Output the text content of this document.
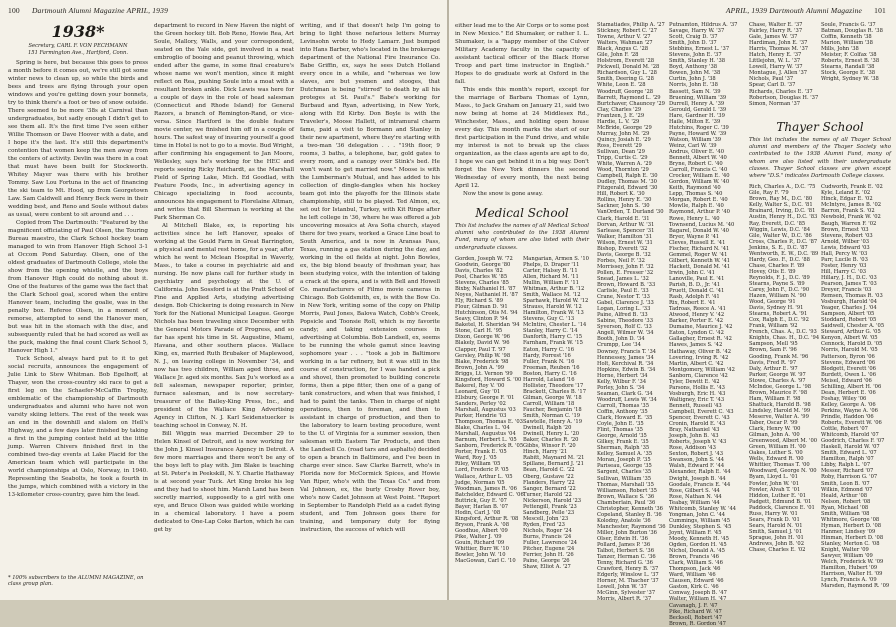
100 Dartmouth Alumni Magazine APRIL, 1939
1938*
Secretary, CARL F. VON PECHMANN
151 Farmington Ave., Hartford, Conn.

Spring is here, but because this goes to press a month before it comes out, we're still got some winter news to clean up, so while the birds and bees and trees are flying through your open windows and you're getting down your bonnets, try to think there's a foot or two of snow outside. There seemed to be more '38s at Carnival than undergraduates, but sadly enough I didn't get to see them all. It's the first time I've seen either Willie Thomson or Dave Hoover with a date, and I hope it's the last. It's still this department's contention that women keep the men away from the centers of activity. Devlin was there in a coat that must have been built for Stockworth. Whitey Mayer was there with his brother Tommy. Saw Lou Fortuna in the act of financing the ski team to Mt. Hood, up from Georgetown Law. Sam Caldwell and Henry Beck were in their wedding best, and Reno and Soule without dates as usual, were content to sit around and . . .

Copied from The Dartmouth: "Featured by the magnificent officiating of Paul Olsen, the Touring Bureau maestro, the Clark School hockey team managed to win from Hanover High School 3-1 at Occom Pond Saturday. Olsen, one of the oldest graduates of Dartmouth College, stole the show from the opening whistle, and the boys from Hanover High could do nothing about it. One of the features of the game was the fact that the Clark School goal, scored when the entire Hanover team, including the goalie, was in the penalty box. Referee Olsen, in a moment of remorse, attempted to send the Hanover men, but was hit in the stomach with the disc, and subsequently ruled that he had scored as well as the puck, making the final count Clark School 5, Hanover High 1."

Tuck School, always hard put to it to get social recruits, announces the engagement of Julie Link to Stew Whitman. Bob Egelhoff, at Thayer, won the cross-country ski race to get a first leg on the Schaefer-McCaffin Trophy, emblematic of the championship of Dartmouth undergraduates and alumni who have not won varsity skiing letters. The rest of the week was an end in the downhill and slalom on Hell's Highway, and a few days later finished by taking a first in the jumping contest held at the little jump. Warren Chivers finished first in the combined two-day events at Lake Placid for the American team which will participate in the world championships at Oslo, Norway, in 1940. Representing the Seabolts, he took a fourth in the jumps, which combined with a victory in the 13-kilometer cross-country, gave him the lead.

department to record in New Haven the night of the Green hockey tilt. Bob Reno, Howie Rea, Art Soule, Mallory, Walls, and your correspondent, seated on the Yale side, got involved in a neat embroglio of booing and peanut throwing, which ended after the game, in some final creature's whose name we won't mention, since it might reflect on Rea, pushing Soule into a moat with a resultant broken ankle. Dick Lewis was here for a couple of days in the role of head salesman (Connecticut and Rhode Island) for General Razors, a branch of Remington-Rand, or vice-versa. Since Hartford is the double feature movie center, we finished him off in a couple of hours. The safest way of insuring yourself a good time in Hotel is not to go to a movie. Bud Wright, after confirming his engagement to Jan Moore, Wellesley, says he's working for the HEC and reports seeing Ricky Reichardt, as the Marshall Field of Spring Lake, Mich. Ed Goodlad, with Feature Foods, Inc., in advertising agency in Chicago specializing in food accounts, announces his engagement to Florelaine Altman, and writes that Bill Sherman is working at the Park Sherman Co.

Al Mitchell Blake, ex, is reporting his activities since he left Hanover, speaks of working at the Gould Farm in Great Barrington, a physical and mental rest home, for a year, after which he went to Mclean Hospital in Waverly, Mass., to take a course in psychiatric aid and nursing. He now plans call for further study in psychiatry and psychology at the U. of California. John Sossford is at the Pratt School of Fine and Applied Arts, studying advertising design. Bob Chickering is doing research in New York for the National Municipal League. George Nichols has been traveling since December with the General Motors Parade of Progress, and so far has spent his time in St. Augustine, Miami, Havana, and other southern places. Wallace King, ex, married Ruth Brubaker of Maplewood, N. J., on leaving college in November '34, and now has two children, William aged three, and Wallace Jr. aged six months. Sax Ju's worked as a fell salesman, newspaper reporter, printer, furnace salesman, and is now secretary-treasurer of the Bailey-King Press, Inc., and president of the Wallace King Advertising Agency in Clifton, N. J. Karl Seidenstuecker is teaching school in Conway, N. H.

Bill Wiggin was married December 29 to Helen Kinsel of Detroit, and is now working for the John J. Kinsel Insurance Agency in Detroit. A few more marriages and there won't be any of the boys left to play with. Jim Blake is teaching at St. Peter's in Peekskill, N. Y. Charlie Hathaway is at second year Tuck. Art King broke his leg and they had to shoot him. Marsh Land has been secretly married, supposedly to a girl with one eye, and Bruce Olson was guided while working in a chemical laboratory. I have a poem dedicated to One-Lap Coke Barton, which he can get by

writing, and if that doesn't help I'm going to bring to light those nefarious letters Murray Levinsohn wrote to Hedy Lamarr. Just bumped into Hans Barber, who's located in the brokerage department of the National Fire Insurance Co. Babe Griffin, ex, says he sees Dutch Holland every once in a while, and "whereas we low slaves, are but yesmen and stooges, that Dutchman is being "stirred" to death by all his proteges at St. Paul's." Babe's working for Burbaud and Ryan, advertising, in New York, along with Ed Kirby. Don Boyle is with the Traveler's, Moose Hallett, of intramural charm fame, paid a visit to Bormann and Stanley in their new apartment, where they're starting with a two-man '36 delegation . . . "19th floor, 9 rooms, 3 baths, a telephone, bar, gold gates to every room, and a canopy over Stink's bed. He won't want to get married now." Moose is with the Lumberman's Mutual, and has added to his collection of dingle-dangles when his hockey team got into the playoffs for the Illinois state championship, still to be played. Ted Almon, ex, set out for Istanbul, Turkey, with Kit Ringe after he left college in '36, where he was offered a job uncovering mosaics at Ava Sofia church, stayed there for two years, worked a Grace Line boat to South America, and is now in Aransas Pass, Texas, running a gas station during the day, and working in the oil fields at night. John Bowles, ex, the big blond beauty of freshman year, has been studying voice, with the intention of taking a crack at the opera, and is with Bell and Howell Co. manufacturers of Filmo movie cameras in Chicago. Bob Goldsmith, ex, is with the Bow Co. in New York, writing some of the copy on Philip Morris, Paul Jones, Balova Watch, Cobb's Creek, Popsicle and Toonsie Roll, which is my favorite candy; and taking extension courses in advertising at Columbia. Bob Landsell, ex, seems to be running the whole gamut since leaving sophomore year . . . "took a job in Baltimore working in a tar refinery, but it was still in the course of construction, for I was handed a pick and shovel, then promoted to building concrete forms, then a pipe fitter, then one of a gang of tank constructors, and when that was finished, I had to paint the tanks. Then in charge of night operations, then to foreman, and then to assistant in charge of production, and then to the laboratory to learn testing procedure, went to the U. of Virginia for a summer session, then salesman with Eastern Tar Products, and then the Landsell Co. (road tars and asphalts) decided to open a branch in Baltimore, and I've been in charge ever since. Saw Clarke Barrett, who's in Florida now for McCormick Spices, and Howie Van Riper, who's with the Texas Co." and from Val Johnson, ex, the burly Crosby Rover boy, who's now Cadet Johnson at West Point. "Report in September to Randolph Field as a cadet flying student, and Tom Johnson goes there for training, and temporary duty for flying instruction, the success of which will

* 100% subscribers to the ALUMNI MAGAZINE, on class group plan.
APRIL, 1939 Dartmouth Alumni Magazine 101

either lead me to the Air Corps or to some post in New Mexico." Ed Shumaker, or rather I. L. Shumaker, is a "happy member of the Culver Military Academy faculty in the capacity of assistant tactical officer of the Black Horse Troop and part time instructor in English." Hopes to do graduate work at Oxford in the fall.

This ends this month's report, except for the marriage of Barbara Thomas of Lynn, Mass., to Jack Graham on January 21, said two now being at home at 24 Middlesex Rd., Winchester, Mass., and holding open house every day. This month marks the start of our first participation in the Fund drive, and while my interest is not to break up the class organization, as the class agents are apt to do, I hope we can get behind it in a big way. Don't forget the New York dinners the second Wednesday of every month, the next being April 12.

Now the snow is gone away.

Medical School
This list includes the names of all Medical School alumni who contributed to the 1938 Alumni Fund, many of whom are also listed with their undergraduate classes.
Gorden, Joseph W. '72
Goodwin, George '80
Davis, Charles '82
Pool, Charles W. '85
Stevens, Charles '85
Bixby, Nathaniel H. '87
Noyes, Nathaniel H. '87
Ely, Richard S. '89
Flour, Gilman D. '91
Hutchinson, Otis M. '94
Seavy, Clinton P. '94
Baketel, H. Sheridan '94
Stone, Carl H. '95
Dixon, George W. '96
Blakely, David W. '96
Clapper, Paul T. '97
Gersley, Philip W. '98
Blake, Frederick '98
Brown, John A. '99
Briggs, Lt. Vernon '99
Kingsford, Howard S. '00
Bakerel, Roy V. '00
Leonard, Guy '01
Ellsbury, George F. '01
Sanders, Perley '02
Marshall, Augustus '03
Parker, Hendrie '03
Thompson, Thomas E. '03
Blake, Charles L. '04
Marshall, Augustus '04
Barnum, Herbert L. '05
Sanborn, Frederick R. '05
Porter, Frank E. '05
Ward, Roy J. '05
Riley, William '05
Lord, Frederic P. '05
Wallace, Arthur L. '05
Judge, Norman '05
Woodman, James R. '06
Batchelder, Edward C. '06
Buttrick, Guy E. '07
Bayer, Harlan B. '07
Hodin, Carl J. '08
Kingsford, Arthur R. '08
Bryson, Frank A. '08
Goodhue, Albert '09
Pike, Walter J. '09
Gouin, Richard '09
Whittier, Burr W. '10
Bowler, John W. '10
MacGowan, Carl C. '10
Mangarian, Armen S. '10
Phelps, D. Draper '11
Carter, Halsey B. '11
Allen, Richard M. '11
Mullin, William F. '11
Whitman, Arthur B. '12
Smith, Wallace M. '12
Sparhawk, Harold W. '12
Strauss, Harold W. '12
Hamilton, Frank W. '13
Stevens, Guy C. '13
McIntire, Chester L. '14
Stanley, Harry C. '14
Danforth, Harry C. '15
Farnham, Frank W. '15
Eaton, Harry C. '16
Hardy, Forrest '16
Fuller, Frank N. '16
Freeman, Reuben '16
Boston, Harry C. '16
Harrold, Leland '16
Hollister, Theodore '17
Brackett, Charles B. '17
Gilman, George W. '18
Carroll, William '18
Faucher, Benjamin '18
Smith, Norman C. '19
Sawtelle, Henry A. '19
Dwinell, Ralph '20
Dwinell, Henry L. '20
Baker, Charles R. '20
Gibbs, Winsor F. '20
Hinch, Harry '21
Rabitt, Maynard M. '21
Spillane, Bernard J. '21
Bean, Harold C. '22
Oberg, Gustave '22
Flanders, Harry '22
Sanger, Bernard '22
Turner, Harold '22
Nickerson, Harold '23
Pettengill, Frank '23
Sandberg, Pelle '23
Mescell, John '23
Ryden, Fred '23
Nichols, Roger '24
Burns, Francis '24
Fuller, Lawrence '24
Pitcher, Eugene '24
Ferrier, John H. '26
Paine, George '26
Shaw, Elliot A. '27
Stamatiades, Philip A. '27
Stickney, Robert C. '27
Towne, Arthur V. '27
Walters, Wahman '27
Black, Angus C. '28
Gile, John F. '28
Holstrom, Everett '28
Pickwell, Donald M. '28
Richardson, Guy L. '28
Smith, Deering G. '28
White, Leon E. '28
Woodruff, George '28
Barrett, Raymond L. '29
Burtchaver, Chauncey '29
Clay, Charles '29
Frantzen, J. E. '29
Hardie, L. V. '29
McBride, George '29
Murray, John M. '29
Quincy, Josiah E. '29
Ross, Everett '29
Sullivan, Dean '29
Tripp, Curtis C. '29
White, Warren A. '29
Wood, Thornton '29
Campbell, Ralph E. '30
Dudley, Thomas M. '30
Fitzgerald, Edward '30
Hill, Robert K. '30
Rollins, Henry E. '30
Sackner, John S. '30
VanOrden, T. Durland '30
Clark, Harold E. '31
Dorvan, Arthur W. '31
Sarlease, Spencer '31
Walker, Hamilton '31
Wilson, Ernest W. '31
Bishop, Everett '32
Davis, George B. '32
Forbes, Neil F. '32
Morrissey, John F. '32
Pollen, E. Fresser '32
Snead, James L. '32
Brown, Howard B. '33
Carlisle, Paul E. '33
Crane, Nestor T. '33
Gabel, Clarence J. '33
Logan, Loring L. '33
Paine, Alfred B. '33
Sabine, Theodore '33
Syverson, Rolf C. '33
Angell, Wilmer W. '34
Booth, John D. '34
Crumpp, Lee '34
Downey, Francis T. '34
Hennessey, James '34
Holt, Kerchival R. '34
Hopkins, Edwin B. '34
Horne, Herbert '34
Kelly, Wilbur F. '34
Porley, John S. '34
Seaman, Clark G. '34
Woodruff, Lewis W. '34
Carroll, Thomas '35
Coffin, Anthony '35
Clark, Howard E. '35
Coyle, John E. '35
Flint, Thomas '35
George, Arnold '35
Gilkey, Frank E. '35
Sherman, Ralph '35
Kelley, Samuel A. '35
Moran, Joseph P. '35
Pariseau, George '35
Sargent, Charles '35
Sullivan, William '35
Thomas, Marshall '35
Williamson, Robert '35
Brown, Wallace S. '36
Chamberlain, Paul '36
Christopher, Kenneth '36
Copeland, Stanley B. '36
Kolodny, Anatole '36
Manchester, Raymond '36
Miller, John Burton '36
Olser, Edwin H. '36
Pollard, James P. '36
Talbot, Herbert S. '36
Tanzer, Herman C. '36
Tenny, Richard G. '36
Crawford, Henry B. '37
Edgerly, Winslow L. '37
Horner, M. Thacher '37
Lowell, John W. '37
McGinn, Sylvester '37
Morris, Albert R. '37
Putnamton, Hildrus A. '37
Savage, Harry W. '37
Scott, Craig D. '37
Smith, John D. '37
Stebbins, Ernest L. '37
Stevens, John E. '37
Smith, Stanley H. '38
Boyd, Anthony '38
Bowen, John M. '38
Curtin, John J. '38
Norris, John E. '38
Bassett, Sam N. '39
Bruening, William '39
Durrell, Henry A. '39
Gerould, Gerald I. '39
Hare, Gardner H. '39
Haile, Milton E. '39
Hutchins, Roger C. '39
Payne, Howard W. '39
Watson, William '39
Weinz, Carl W. '39
Andrus, Oliver E. '40
Bennett, Albert W. '40
Bryne, Robert C. '40
Carroll, Francis C. '40
Crocker, William E. '40
Gordon, William W. '40
Keith, Raymond '40
Lepp, Thomas S. '40
Morgan, Robert E. '40
Mowlle, Ralph E. '40
Raymond, Arthur P. '40
Rowe, Henry L. '40
Townsend, Lucius M. '40
Bagarel, Donald W. '40
Bryer, Wayne P. '41
Cleves, Russell E. '41
Fischer, Richard N. '41
Gemmel, Roger W. '41
Gilbert, Kenneth W. '41
Hackett, Donald M. '41
Irwin, John C. '41
Lanoville, Paul E. '41
Parish, B. D., Jr. '41
Pruett, Donald C. '41
Rasb, Adolph F. '41
Rix, Robert E. '41
Tadroas, Reece A. '41
Atwood, Henry V. '42
Barker, Porter E. '42
Dumaine, Maurice J. '42
Eaton, Lyndon C. '42
Gallagher, Ernest R. '42
Hawes, James S. '42
Hathaway, Oliver B. '42
Lovering, Irving R. '42
Martin, Albert C. '42
Montgomery, William '42
Sanborn, Clarence '42
Tyler, Dewitt E. '42
Parsons, Hollis E. '43
Vosburgh, Eric H. '43
Waltigney, Eric T. '43
Bennett, Russell '43
Campbell, Everett C. '43
Spencer, Everett C. '43
Cronin, Harold E. '43
Bray, Nathaniel '43
Joseph, John B. '43
Roberts, Joseph V. '43
Rose, Addison '43
Sexton, Robert J. '43
Swanson, John S. '44
Walsh, Edward F. '44
Alexander, Ralph E. '44
Dwight, Joseph B. '44
Goodale, Francis E. '44
Rose, Gilbert S. '44
Rose, Nathan N. '44
Teabay, William '44
Whitcomb, Stanley W. '44
Yongman, John C. '44
Cummings, William '45
Dunkley, Stephen S. '45
Joynt, William F. '45
Moody, Kenneth H. '45
Ogden, Gordon H. '45
Nichol, Donald A. '45
Brown, Francis '46
Clark, William S. '46
Thompson, Jack '46
Ward, William '46
Clausen, Edward '46
Gaston, Kirk C. '46
Conway, Joseph B. '47
Walter, William H. '47
Cavanagh, J. F. '47
Pike, Richard W. '47
Becksoll, Robert '47
Brown, R. Gordon '47
Chase, Walter E. '37
Fairley, Harry R. '37
Gale, James W. '37
Hardiman, John E. '37
Harris, Thomas M. '37
Hatch, Henry E. '37
Littlejohn, W. L. '37
Lowell, Harry W. '37
Montague, J. Allen '37
Nichols, Paul '37
Spear, Carl D. '37
Richards, Charles E. '37
Robertson, Douglas H. '37
Simon, Norman '37
Soule, Francis G. '37
Batman, Douglas R. '38
Coffin, Kenneth '38
Marion, William '38
Mills, John '38
Meister, F. Colfax '38
Roberts, Ernest B. '38
Stearns, Randall '38
Stock, George E. '38
Wright, Sydney W. '38
Thayer School
This list includes the names of all Thayer School alumni and members of the Thayer Society who contributed to the 1938 Alumni Fund, many of whom are also listed with their undergraduate classes. Thayer School classes are given except where "D.S." indicates Dartmouth College classes.
Rich, Charles A., D.C. '75
Gile, Ray F. '79
Brown, Ray M., D.C. '80
Kelly, Walter S., D.C. '81
Brainard, Irving, D.C. '81
Austin, Henry H., D.C. '83
Ray, Everett, D.C. '85
Wiggin, Lewis, D.C. '84
Gile, Walter W., D.C. '86
Cross, Charles P., D.C. '87
Jenkins, S. E., D.C. '87
Wentworth, E. W., D.C. '89
Hardy, Geo. F., D.C. '88
Chase, Charles F. '89
Hovey, Otis E. '89
Reynolds, F. J., D.C. '89
Stearns, Payne S. '89
Carey, John F., D.C. '90
Hazen, William N. '90
Wood, George '91
Davis, Sydney H. '91
Stearns, Robert A. '91
Cox, Ralph E., D.C. '92
Frank, William '92
French, Chas. A., D.C. '93
Knights, Chas. H., D.C. '94
Sampson, Mell '95
Brown, Sam F. '96
Gooding, Frank M. '96
Davis, Fred R. '97
Daly, Arthur E. '97
Parker, George W. '97
Stowe, Charles A. '97
McIndoe, George L. '98
Brown, Maurice F. '98
Ham, William F. '98
Shattuck, Harold B. '98
Lindsley, Harold M. '99
Meserve, Walter A. '99
Taber, Oscar P. '99
Clark, Henry W. '00
Gilman, John A. '00
Greenwood, Albert M. '00
Green, William H. '00
Oakes, Luther S. '00
Wells, Edward R. '00
Whittier, Thomas T. '00
Woodward, George N. '00
Byam, Lloyd L. '01
Fowler, John W. '01
Fowler, Alvah T. '01
Hiddon, Luther E. '01
Padgett, Edmund B. '01
Paddock, Clarence E. '01
Russ, Harry W. '01
Sears, Frank D. '01
Sears, Harold N. '01
Smith, Samuel J. '01
Sprague, John H. '01
Andrews, John B. '02
Chase, Charles E. '02
Cudworth, Frank E. '02
Kyle, Leland E. '02
Hinck, Edgar E. '02
McIntyre, James B. '02
Barron, Frank S. '02
Newbold, Frank W. '02
Baugh, Warren F. '02
Brown, Ernest '03
Stevens, Robert '03
Arnold, Wilber '03
Lewis, Edward '03
Hall, Percy W. '03
Parr, Lucile B. '03
Foster, Henry '03
Hill, Harry C. '03
Hillary, J. H., D.C. '03
Pearson, James T. '03
Dreyer, Francis '03
Remsen, Thomas R. '03
Vosburgh, Harold '04
Yeager, Charles J. '04
Sampson, Albert '05
Stoddard, Robert '05
Saidwell, Chester A. '05
Steward, Arthur G. '05
Kenyon, Albert W. '05
Cennock, Harold D. '05
Norris, Harold M. '05
Patterson, Byron '06
Stevens, Edward '06
Blodgett, Everett '06
Burdett, Owen L. '06
Meisel, Edward '06
Schilling, Albert H. '06
Dean, Herbert E. '06
Foshay, Wiley '06
Kelley, George A. '06
Perkins, Wayne A. '06
Prindle, Haddon '06
Roberts, Everett W. '06
Cottle, Robert '07
Whitcomb, Harold '07
Goodrich, Charles F. '07
Haskell, Harold W. '07
Smith, Edward L. '07
Hamilton, Ralph '07
Libby, Ralph L. '07
Messer, Richard '07
Roby, Harrison G. '07
Smith, Leon B. '07
Wilkin, Edmond '07
Heald, Arthur '08
Nelson, Robert '08
Ryan, Michael '08
Smith, William '08
Whitmore, George '08
Hyman, Herbert D. '08
Hanmer, Lindsey '09
Hinman, Herbert D. '08
Stanley, Merton C. '08
Knight, Walter '09
Sawyer, William '09
Welch, Frederick W. '09
Hamilton, Hubert '09
Harrison, Walter H. '09
Lynch, Francis A. '09
Marsden, Raymond R. '09
